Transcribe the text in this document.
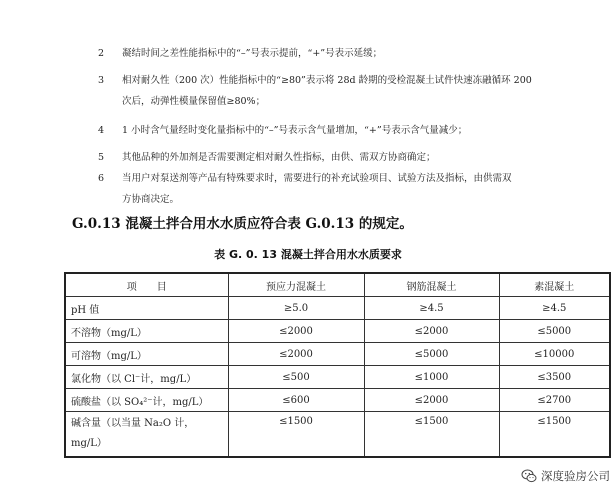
2 凝结时间之差性能指标中的“–”号表示提前，“+”号表示延缓；
3 相对耐久性（200 次）性能指标中的“≥80”表示将 28d 龄期的受检混凝土试件快速冻融循环 200
次后，动弹性模量保留值≥80%；
4 1 小时含气量经时变化量指标中的“–”号表示含气量增加，“+”号表示含气量减少；
5 其他品种的外加剂是否需要测定相对耐久性指标，由供、需双方协商确定；
6 当用户对泵送剂等产品有特殊要求时，需要进行的补充试验项目、试验方法及指标，由供需双
方协商决定。
G.0.13 混凝土拌合用水水质应符合表 G.0.13 的规定。
表 G. 0. 13 混凝土拌合用水水质要求
项　　目	预应力混凝土	钢筋混凝土	素混凝土
pH 值	≥5.0	≥4.5	≥4.5
不溶物（mg/L）	≤2000	≤2000	≤5000
可溶物（mg/L）	≤2000	≤5000	≤10000
氯化物（以 Cl⁻计，mg/L）	≤500	≤1000	≤3500
硫酸盐（以 SO₄²⁻计，mg/L）	≤600	≤2000	≤2700

碱含量（以当量 Na₂O 计，
mg/L）	≤1500	≤1500	≤1500
深度验房公司
